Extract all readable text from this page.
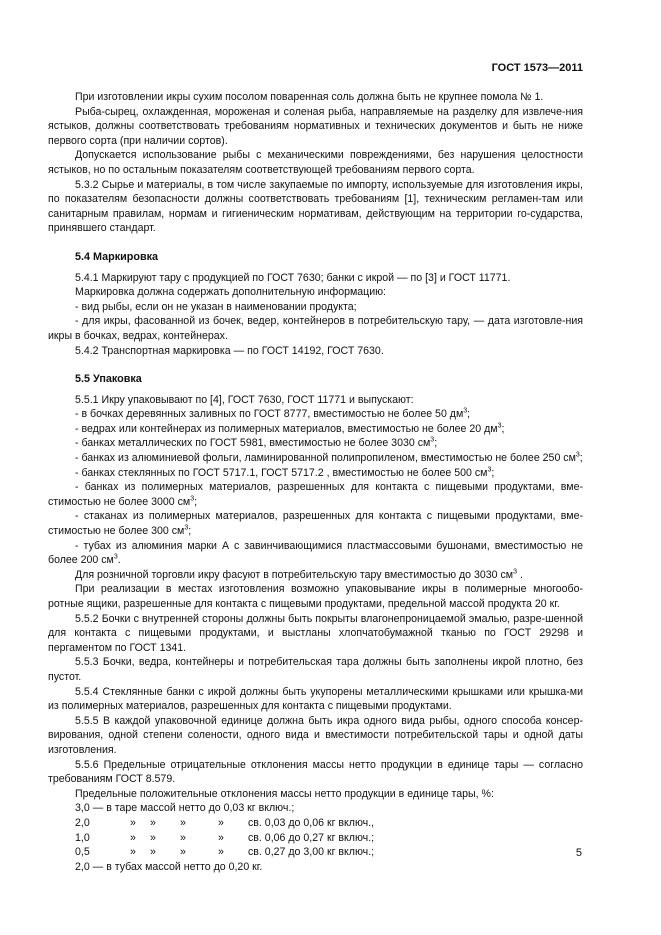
ГОСТ 1573—2011

При изготовлении икры сухим посолом поваренная соль должна быть не крупнее помола № 1.

Рыба-сырец, охлажденная, мороженая и соленая рыба, направляемые на разделку для извлече-ния ястыков, должны соответствовать требованиям нормативных и технических документов и быть не ниже первого сорта (при наличии сортов).

Допускается использование рыбы с механическими повреждениями, без нарушения целостности ястыков, но по остальным показателям соответствующей требованиям первого сорта.

5.3.2 Сырье и материалы, в том числе закупаемые по импорту, используемые для изготовления икры, по показателям безопасности должны соответствовать требованиям [1], техническим регламен-там или санитарным правилам, нормам и гигиеническим нормативам, действующим на территории го-сударства, принявшего стандарт.

5.4 Маркировка

5.4.1 Маркируют тару с продукцией по ГОСТ 7630; банки с икрой — по [3] и ГОСТ 11771.

Маркировка должна содержать дополнительную информацию:

- вид рыбы, если он не указан в наименовании продукта;

- для икры, фасованной из бочек, ведер, контейнеров в потребительскую тару, — дата изготовле-ния икры в бочках, ведрах, контейнерах.

5.4.2 Транспортная маркировка — по ГОСТ 14192, ГОСТ 7630.

5.5 Упаковка

5.5.1 Икру упаковывают по [4], ГОСТ 7630, ГОСТ 11771 и выпускают:

- в бочках деревянных заливных по ГОСТ 8777, вместимостью не более 50 $дм^3$;

- ведрах или контейнерах из полимерных материалов, вместимостью не более 20 $дм^3$;

- банках металлических по ГОСТ 5981, вместимостью не более 3030 $см^3$;

- банках из алюминиевой фольги, ламинированной полипропиленом, вместимостью не более 250 $см^3$;

- банках стеклянных по ГОСТ 5717.1, ГОСТ 5717.2 , вместимостью не более 500 $см^3$;

- банках из полимерных материалов, разрешенных для контакта с пищевыми продуктами, вме-стимостью не более 3000 $см^3$;

- стаканах из полимерных материалов, разрешенных для контакта с пищевыми продуктами, вме-стимостью не более 300 $см^3$;

- тубах из алюминия марки А с завинчивающимися пластмассовыми бушонами, вместимостью не более 200 $см^3$.

Для розничной торговли икру фасуют в потребительскую тару вместимостью до 3030 $см^3$ .

При реализации в местах изготовления возможно упаковывание икры в полимерные многообо-ротные ящики, разрешенные для контакта с пищевыми продуктами, предельной массой продукта 20 кг.

5.5.2 Бочки с внутренней стороны должны быть покрыты влагонепроницаемой эмалью, разре-шенной для контакта с пищевыми продуктами, и выстланы хлопчатобумажной тканью по ГОСТ 29298 и пергаментом по ГОСТ 1341.

5.5.3 Бочки, ведра, контейнеры и потребительская тара должны быть заполнены икрой плотно, без пустот.

5.5.4 Стеклянные банки с икрой должны быть укупорены металлическими крышками или крышка-ми из полимерных материалов, разрешенных для контакта с пищевыми продуктами.

5.5.5 В каждой упаковочной единице должна быть икра одного вида рыбы, одного способа консер-вирования, одной степени солености, одного вида и вместимости потребительской тары и одной даты изготовления.

5.5.6 Предельные отрицательные отклонения массы нетто продукции в единице тары — согласно требованиям ГОСТ 8.579.

Предельные положительные отклонения массы нетто продукции в единице тары, %:

3,0 — в таре массой нетто до 0,03 кг включ.;

2,0	»	»	»	»	св. 0,03 до 0,06 кг включ.,
1,0	»	»	»	»	св. 0,06 до 0,27 кг включ.;
0,5	»	»	»	»	св. 0,27 до 3,00 кг включ.;

2,0 — в тубах массой нетто до 0,20 кг.

5
